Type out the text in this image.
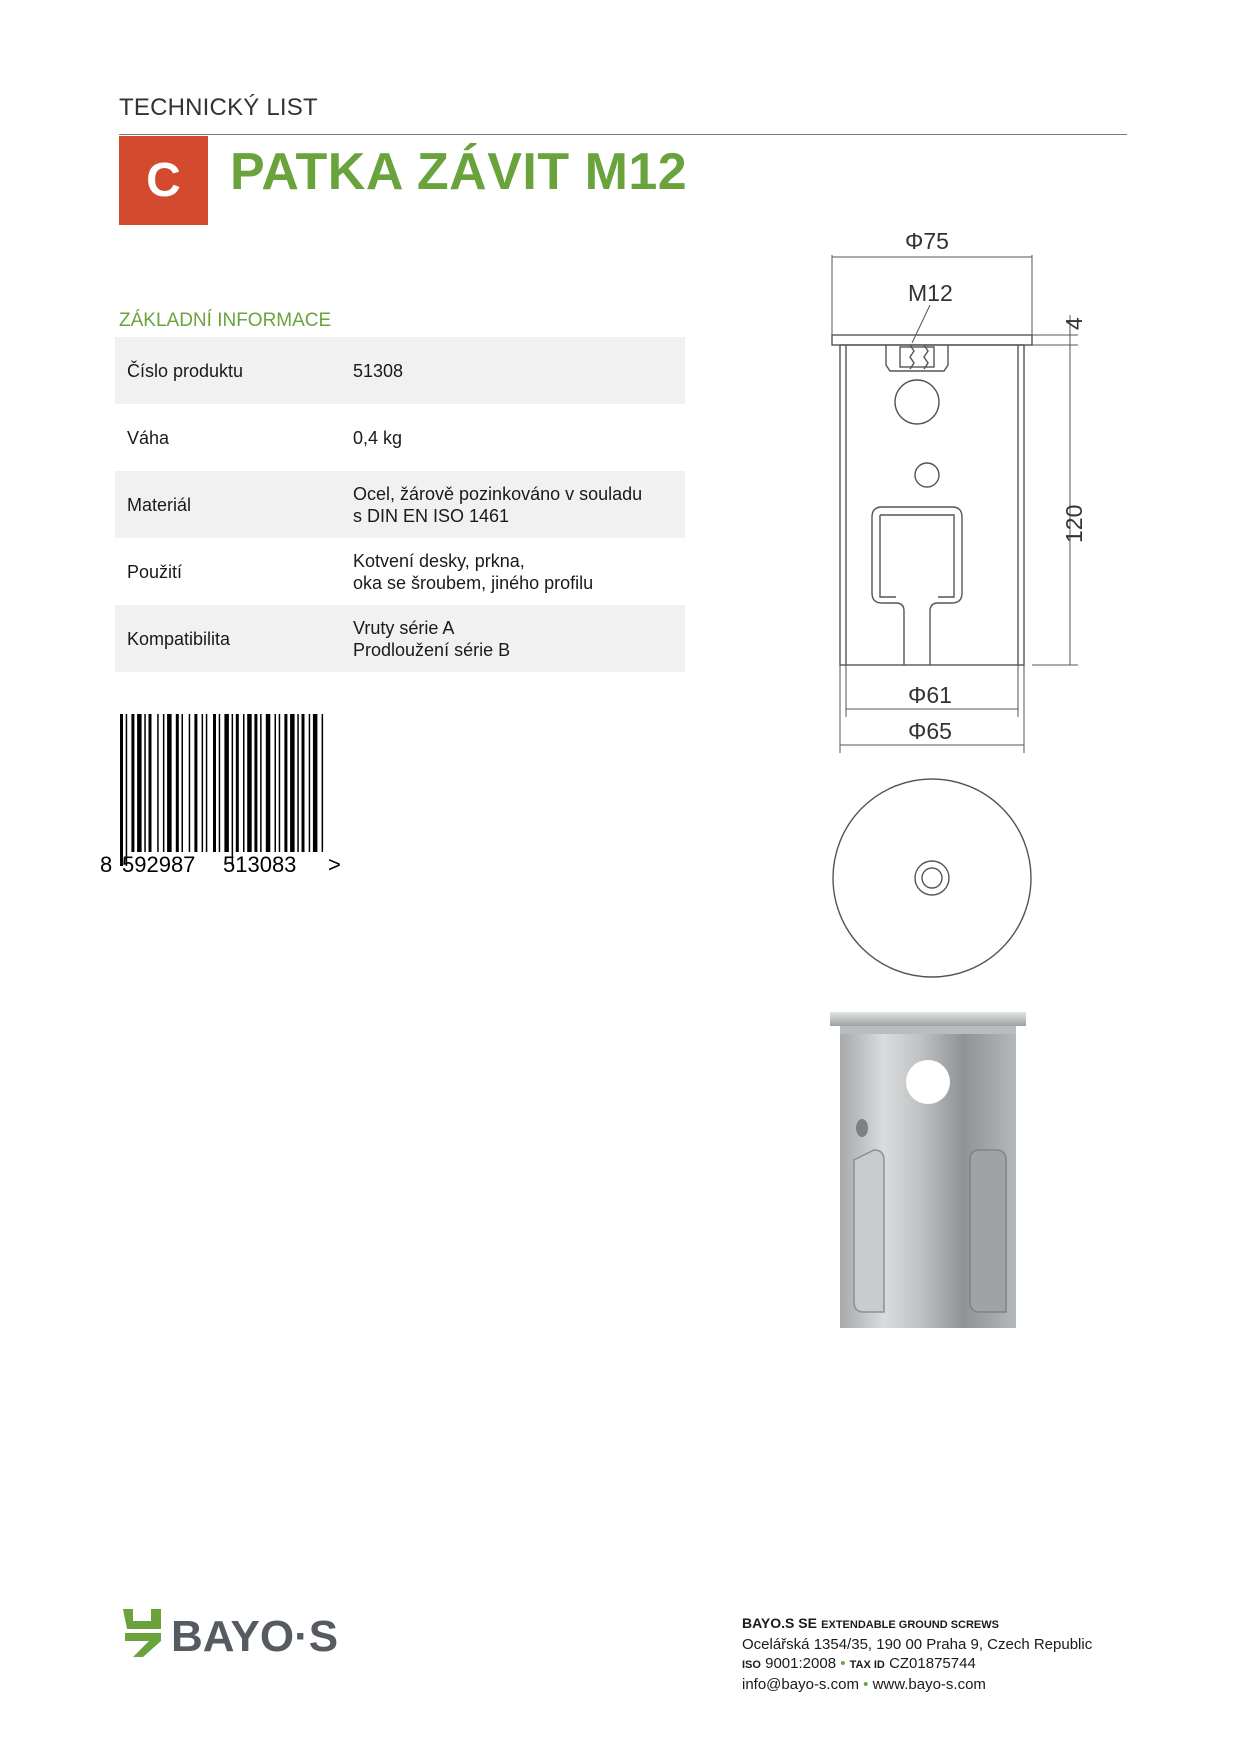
TECHNICKÝ LIST
C PATKA ZÁVIT M12
ZÁKLADNÍ INFORMACE
Číslo produktu	51308

Váha	0,4 kg

Materiál	Ocel, žárově pozinkováno v souladu
s DIN EN ISO 1461

Použití	Kotvení desky, prkna,
oka se šroubem, jiného profilu

Kompatibilita	Vruty série A
Prodloužení série B
8 592987 513083 >
Φ75
M12
4
120
Φ61
Φ65
BAYO·S	BAYO.S SE EXTENDABLE GROUND SCREWS
Ocelářská 1354/35, 190 00 Praha 9, Czech Republic
ISO 9001:2008 • TAX ID CZ01875744
info@bayo-s.com • www.bayo-s.com
